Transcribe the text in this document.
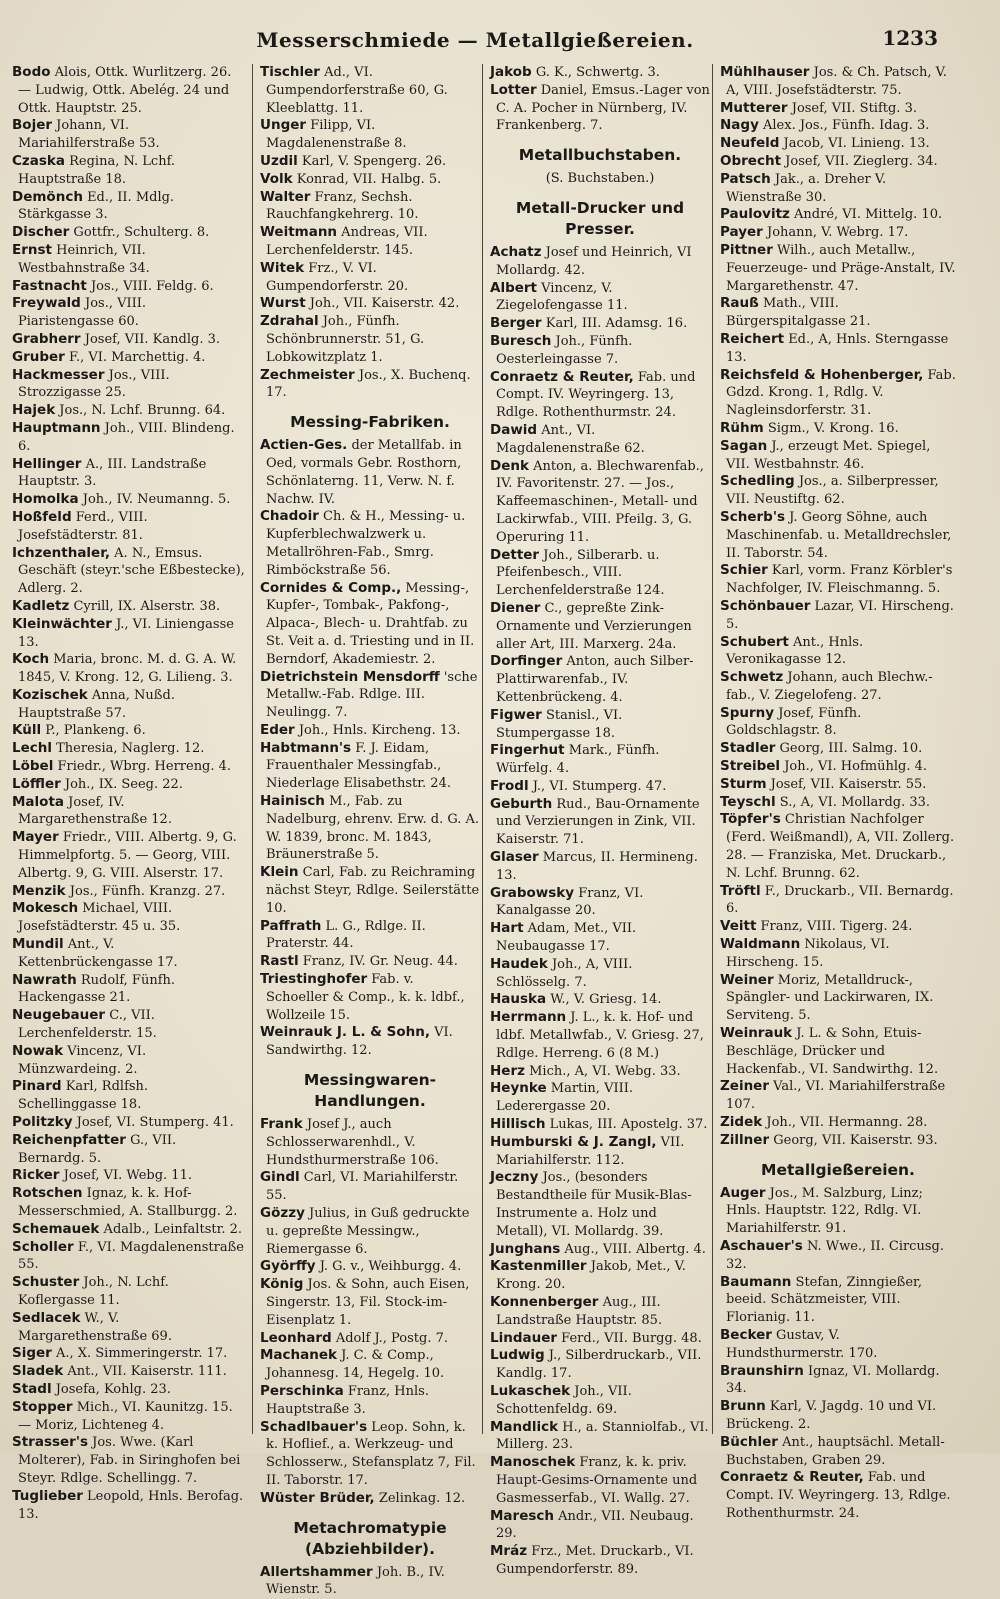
Messerschmiede — Metallgießereien.	1233
Bodo Alois, Ottk. Wurlitzerg. 26. — Ludwig, Ottk. Abelég. 24 und Ottk. Hauptstr. 25.
Bojer Johann, VI. Mariahilferstraße 53.
Czaska Regina, N. Lchf. Hauptstraße 18.
Demönch Ed., II. Mdlg. Stärkgasse 3.
Discher Gottfr., Schulterg. 8.
Ernst Heinrich, VII. Westbahnstraße 34.
Fastnacht Jos., VIII. Feldg. 6.
Freywald Jos., VIII. Piaristengasse 60.
Grabherr Josef, VII. Kandlg. 3.
Gruber F., VI. Marchettig. 4.
Hackmesser Jos., VIII. Strozzigasse 25.
Hajek Jos., N. Lchf. Brunng. 64.
Hauptmann Joh., VIII. Blindeng. 6.
Hellinger A., III. Landstraße Hauptstr. 3.
Homolka Joh., IV. Neumanng. 5.
Hoßfeld Ferd., VIII. Josefstädterstr. 81.
Ichzenthaler, A. N., Emsus. Geschäft (steyr.'sche Eßbestecke), Adlerg. 2.
Kadletz Cyrill, IX. Alserstr. 38.
Kleinwächter J., VI. Liniengasse 13.
Koch Maria, bronc. M. d. G. A. W. 1845, V. Krong. 12, G. Lilieng. 3.
Kozischek Anna, Nußd. Hauptstraße 57.
Küll P., Plankeng. 6.
Lechl Theresia, Naglerg. 12.
Löbel Friedr., Wbrg. Herreng. 4.
Löffler Joh., IX. Seeg. 22.
Malota Josef, IV. Margarethenstraße 12.
Mayer Friedr., VIII. Albertg. 9, G. Himmelpfortg. 5. — Georg, VIII. Albertg. 9, G. VIII. Alserstr. 17.
Menzik Jos., Fünfh. Kranzg. 27.
Mokesch Michael, VIII. Josefstädterstr. 45 u. 35.
Mundil Ant., V. Kettenbrückengasse 17.
Nawrath Rudolf, Fünfh. Hackengasse 21.
Neugebauer C., VII. Lerchenfelderstr. 15.
Nowak Vincenz, VI. Münzwardeing. 2.
Pinard Karl, Rdlfsh. Schellinggasse 18.
Politzky Josef, VI. Stumperg. 41.
Reichenpfatter G., VII. Bernardg. 5.
Ricker Josef, VI. Webg. 11.
Rotschen Ignaz, k. k. Hof-Messerschmied, A. Stallburgg. 2.
Schemauek Adalb., Leinfaltstr. 2.
Scholler F., VI. Magdalenenstraße 55.
Schuster Joh., N. Lchf. Koflergasse 11.
Sedlacek W., V. Margarethenstraße 69.
Siger A., X. Simmeringerstr. 17.
Sladek Ant., VII. Kaiserstr. 111.
Stadl Josefa, Kohlg. 23.
Stopper Mich., VI. Kaunitzg. 15. — Moriz, Lichteneg 4.
Strasser's Jos. Wwe. (Karl Molterer), Fab. in Siringhofen bei Steyr. Rdlge. Schellingg. 7.
Tuglieber Leopold, Hnls. Berofag. 13.
Tischler Ad., VI. Gumpendorferstraße 60, G. Kleeblattg. 11.
Unger Filipp, VI. Magdalenenstraße 8.
Uzdil Karl, V. Spengerg. 26.
Volk Konrad, VII. Halbg. 5.
Walter Franz, Sechsh. Rauchfangkehrerg. 10.
Weitmann Andreas, VII. Lerchenfelderstr. 145.
Witek Frz., V. VI. Gumpendorferstr. 20.
Wurst Joh., VII. Kaiserstr. 42.
Zdrahal Joh., Fünfh. Schönbrunnerstr. 51, G. Lobkowitzplatz 1.
Zechmeister Jos., X. Buchenq. 17.
Messing-Fabriken.
Actien-Ges. der Metallfab. in Oed, vormals Gebr. Rosthorn, Schönlaterng. 11, Verw. N. f. Nachw. IV.
Chadoir Ch. & H., Messing- u. Kupferblechwalzwerk u. Metallröhren-Fab., Smrg. Rimböckstraße 56.
Cornides & Comp., Messing-, Kupfer-, Tombak-, Pakfong-, Alpaca-, Blech- u. Drahtfab. zu St. Veit a. d. Triesting und in II. Berndorf, Akademiestr. 2.
Dietrichstein Mensdorff 'sche Metallw.-Fab. Rdlge. III. Neulingg. 7.
Eder Joh., Hnls. Kircheng. 13.
Habtmann's F. J. Eidam, Frauenthaler Messingfab., Niederlage Elisabethstr. 24.
Hainisch M., Fab. zu Nadelburg, ehrenv. Erw. d. G. A. W. 1839, bronc. M. 1843, Bräunerstraße 5.
Klein Carl, Fab. zu Reichraming nächst Steyr, Rdlge. Seilerstätte 10.
Paffrath L. G., Rdlge. II. Praterstr. 44.
Rastl Franz, IV. Gr. Neug. 44.
Triestinghofer Fab. v. Schoeller & Comp., k. k. ldbf., Wollzeile 15.
Weinrauk J. L. & Sohn, VI. Sandwirthg. 12.
Messingwaren-Handlungen.
Frank Josef J., auch Schlosserwarenhdl., V. Hundsthurmerstraße 106.
Gindl Carl, VI. Mariahilferstr. 55.
Gözzy Julius, in Guß gedruckte u. gepreßte Messingw., Riemergasse 6.
Györffy J. G. v., Weihburgg. 4.
König Jos. & Sohn, auch Eisen, Singerstr. 13, Fil. Stock-im-Eisenplatz 1.
Leonhard Adolf J., Postg. 7.
Machanek J. C. & Comp., Johannesg. 14, Hegelg. 10.
Perschinka Franz, Hnls. Hauptstraße 3.
Schadlbauer's Leop. Sohn, k. k. Hoflief., a. Werkzeug- und Schlosserw., Stefansplatz 7, Fil. II. Taborstr. 17.
Wüster Brüder, Zelinkag. 12.
Metachromatypie (Abziehbilder).
Allertshammer Joh. B., IV. Wienstr. 5.
Jakob G. K., Schwertg. 3.
Lotter Daniel, Emsus.-Lager von C. A. Pocher in Nürnberg, IV. Frankenberg. 7.
Metallbuchstaben.
(S. Buchstaben.)
Metall-Drucker und Presser.
Achatz Josef und Heinrich, VI Mollardg. 42.
Albert Vincenz, V. Ziegelofengasse 11.
Berger Karl, III. Adamsg. 16.
Buresch Joh., Fünfh. Oesterleingasse 7.
Conraetz & Reuter, Fab. und Compt. IV. Weyringerg. 13, Rdlge. Rothenthurmstr. 24.
Dawid Ant., VI. Magdalenenstraße 62.
Denk Anton, a. Blechwarenfab., IV. Favoritenstr. 27. — Jos., Kaffeemaschinen-, Metall- und Lackirwfab., VIII. Pfeilg. 3, G. Operuring 11.
Detter Joh., Silberarb. u. Pfeifenbesch., VIII. Lerchenfelderstraße 124.
Diener C., gepreßte Zink-Ornamente und Verzierungen aller Art, III. Marxerg. 24a.
Dorfinger Anton, auch Silber-Plattirwarenfab., IV. Kettenbrückeng. 4.
Figwer Stanisl., VI. Stumpergasse 18.
Fingerhut Mark., Fünfh. Würfelg. 4.
Frodl J., VI. Stumperg. 47.
Geburth Rud., Bau-Ornamente und Verzierungen in Zink, VII. Kaiserstr. 71.
Glaser Marcus, II. Hermineng. 13.
Grabowsky Franz, VI. Kanalgasse 20.
Hart Adam, Met., VII. Neubaugasse 17.
Haudek Joh., A, VIII. Schlösselg. 7.
Hauska W., V. Griesg. 14.
Herrmann J. L., k. k. Hof- und ldbf. Metallwfab., V. Griesg. 27, Rdlge. Herreng. 6 (8 M.)
Herz Mich., A, VI. Webg. 33.
Heynke Martin, VIII. Lederergasse 20.
Hillisch Lukas, III. Apostelg. 37.
Humburski & J. Zangl, VII. Mariahilferstr. 112.
Jeczny Jos., (besonders Bestandtheile für Musik-Blas-Instrumente a. Holz und Metall), VI. Mollardg. 39.
Junghans Aug., VIII. Albertg. 4.
Kastenmiller Jakob, Met., V. Krong. 20.
Konnenberger Aug., III. Landstraße Hauptstr. 85.
Lindauer Ferd., VII. Burgg. 48.
Ludwig J., Silberdruckarb., VII. Kandlg. 17.
Lukaschek Joh., VII. Schottenfeldg. 69.
Mandlick H., a. Stanniolfab., VI. Millerg. 23.
Manoschek Franz, k. k. priv. Haupt-Gesims-Ornamente und Gasmesserfab., VI. Wallg. 27.
Maresch Andr., VII. Neubaug. 29.
Mráz Frz., Met. Druckarb., VI. Gumpendorferstr. 89.
Mühlhauser Jos. & Ch. Patsch, V. A, VIII. Josefstädterstr. 75.
Mutterer Josef, VII. Stiftg. 3.
Nagy Alex. Jos., Fünfh. Idag. 3.
Neufeld Jacob, VI. Linieng. 13.
Obrecht Josef, VII. Zieglerg. 34.
Patsch Jak., a. Dreher V. Wienstraße 30.
Paulovitz André, VI. Mittelg. 10.
Payer Johann, V. Webrg. 17.
Pittner Wilh., auch Metallw., Feuerzeuge- und Präge-Anstalt, IV. Margarethenstr. 47.
Rauß Math., VIII. Bürgerspitalgasse 21.
Reichert Ed., A, Hnls. Sterngasse 13.
Reichsfeld & Hohenberger, Fab. Gdzd. Krong. 1, Rdlg. V. Nagleinsdorferstr. 31.
Rühm Sigm., V. Krong. 16.
Sagan J., erzeugt Met. Spiegel, VII. Westbahnstr. 46.
Schedling Jos., a. Silberpresser, VII. Neustiftg. 62.
Scherb's J. Georg Söhne, auch Maschinenfab. u. Metalldrechsler, II. Taborstr. 54.
Schier Karl, vorm. Franz Körbler's Nachfolger, IV. Fleischmanng. 5.
Schönbauer Lazar, VI. Hirscheng. 5.
Schubert Ant., Hnls. Veronikagasse 12.
Schwetz Johann, auch Blechw.-fab., V. Ziegelofeng. 27.
Spurny Josef, Fünfh. Goldschlagstr. 8.
Stadler Georg, III. Salmg. 10.
Streibel Joh., VI. Hofmühlg. 4.
Sturm Josef, VII. Kaiserstr. 55.
Teyschl S., A, VI. Mollardg. 33.
Töpfer's Christian Nachfolger (Ferd. Weißmandl), A, VII. Zollerg. 28. — Franziska, Met. Druckarb., N. Lchf. Brunng. 62.
Tröftl F., Druckarb., VII. Bernardg. 6.
Veitt Franz, VIII. Tigerg. 24.
Waldmann Nikolaus, VI. Hirscheng. 15.
Weiner Moriz, Metalldruck-, Spängler- und Lackirwaren, IX. Serviteng. 5.
Weinrauk J. L. & Sohn, Etuis-Beschläge, Drücker und Hackenfab., VI. Sandwirthg. 12.
Zeiner Val., VI. Mariahilferstraße 107.
Zidek Joh., VII. Hermanng. 28.
Zillner Georg, VII. Kaiserstr. 93.
Metallgießereien.
Auger Jos., M. Salzburg, Linz; Hnls. Hauptstr. 122, Rdlg. VI. Mariahilferstr. 91.
Aschauer's N. Wwe., II. Circusg. 32.
Baumann Stefan, Zinngießer, beeid. Schätzmeister, VIII. Florianig. 11.
Becker Gustav, V. Hundsthurmerstr. 170.
Braunshirn Ignaz, VI. Mollardg. 34.
Brunn Karl, V. Jagdg. 10 und VI. Brückeng. 2.
Büchler Ant., hauptsächl. Metall-Buchstaben, Graben 29.
Conraetz & Reuter, Fab. und Compt. IV. Weyringerg. 13, Rdlge. Rothenthurmstr. 24.
